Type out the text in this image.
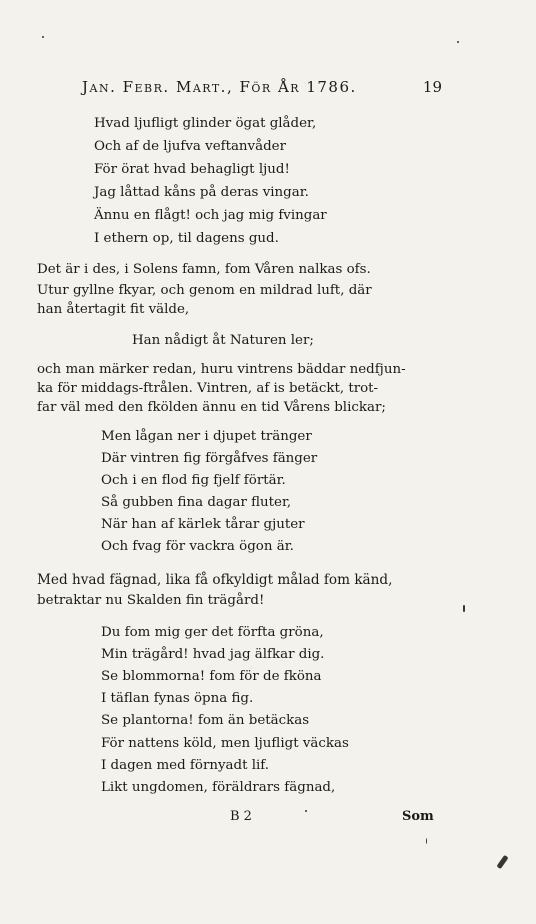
Jan. Febr. Mart., För År 1786.	19
Hvad ljufligt glinder ögat glåder,
Och af de ljufva veftanvåder
För örat hvad behagligt ljud!
Jag låttad kåns på deras vingar.
Ännu en flågt! och jag mig fvingar
I ethern op, til dagens gud.
Det är i des, i Solens famn, fom Våren nalkas ofs.
Utur gyllne fkyar, och genom en mildrad luft, där
han återtagit fit välde,
Han nådigt åt Naturen ler;
och man märker redan, huru vintrens bäddar nedfjun-
ka för middags-ftrålen. Vintren, af is betäckt, trot-
far väl med den fkölden ännu en tid Vårens blickar;
Men lågan ner i djupet tränger
Där vintren fig förgåfves fänger
Och i en flod fig fjelf förtär.
Så gubben fina dagar fluter,
När han af kärlek tårar gjuter
Och fvag för vackra ögon är.
Med hvad fägnad, lika få ofkyldigt målad fom känd,
betraktar nu Skalden fin trägård!
Du fom mig ger det förfta gröna,
Min trägård! hvad jag älfkar dig.
Se blommorna! fom för de fköna
I täflan fynas öpna fig.
Se plantorna! fom än betäckas
För nattens köld, men ljufligt väckas
I dagen med förnyadt lif.
Likt ungdomen, föräldrars fägnad,
B 2	Som
